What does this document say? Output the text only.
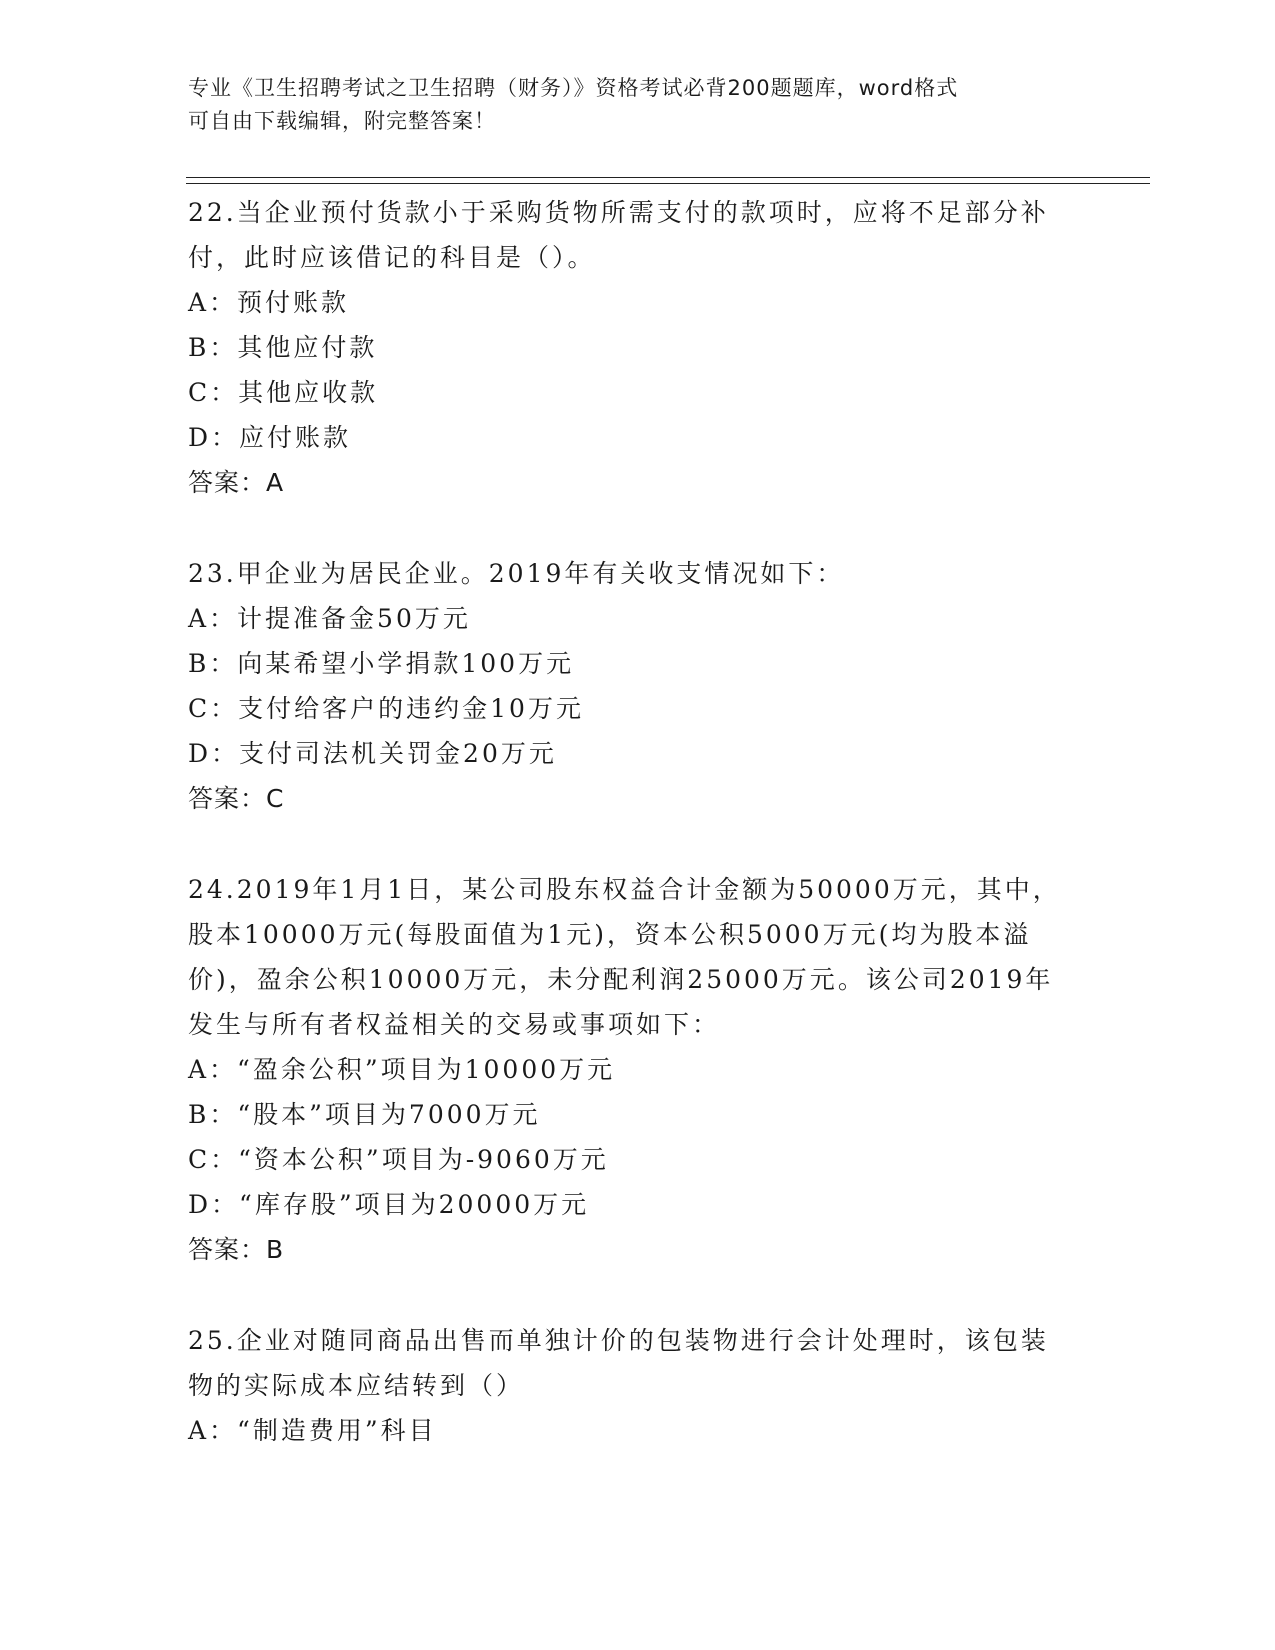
专业《卫生招聘考试之卫生招聘（财务）》资格考试必背200题题库，word格式
可自由下载编辑，附完整答案！
22.当企业预付货款小于采购货物所需支付的款项时，应将不足部分补
付，此时应该借记的科目是（）。
A：预付账款
B：其他应付款
C：其他应收款
D：应付账款
答案：A
23.甲企业为居民企业。2019年有关收支情况如下：
A：计提准备金50万元
B：向某希望小学捐款100万元
C：支付给客户的违约金10万元
D：支付司法机关罚金20万元
答案：C
24.2019年1月1日，某公司股东权益合计金额为50000万元，其中，
股本10000万元(每股面值为1元)，资本公积5000万元(均为股本溢
价)，盈余公积10000万元，未分配利润25000万元。该公司2019年
发生与所有者权益相关的交易或事项如下：
A：“盈余公积”项目为10000万元
B：“股本”项目为7000万元
C：“资本公积”项目为-9060万元
D：“库存股”项目为20000万元
答案：B
25.企业对随同商品出售而单独计价的包装物进行会计处理时，该包装
物的实际成本应结转到（）
A：“制造费用”科目
